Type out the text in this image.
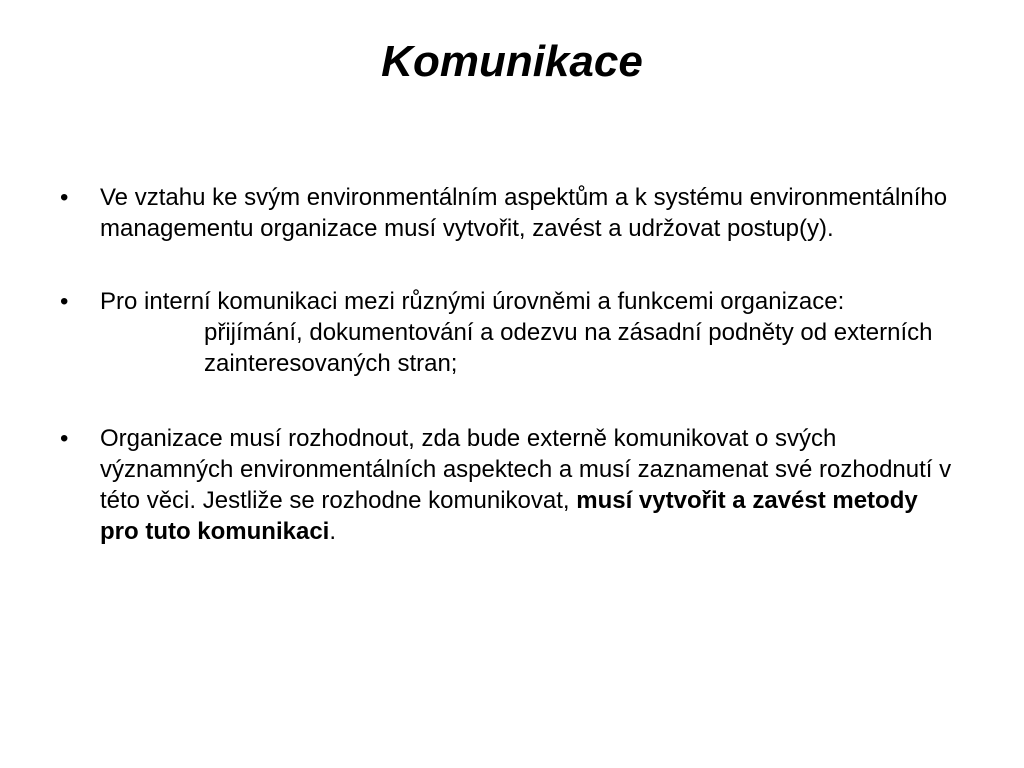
Komunikace
• Ve vztahu ke svým environmentálním aspektům a k systému environmentálního managementu organizace musí vytvořit, zavést a udržovat postup(y).
• Pro interní komunikaci mezi různými úrovněmi a funkcemi organizace:

přijímání, dokumentování a odezvu na zásadní podněty od externích zainteresovaných stran;

• Organizace musí rozhodnout, zda bude externě komunikovat o svých významných environmentálních aspektech a musí zaznamenat své rozhodnutí v této věci. Jestliže se rozhodne komunikovat, musí vytvořit a zavést metody pro tuto komunikaci.
